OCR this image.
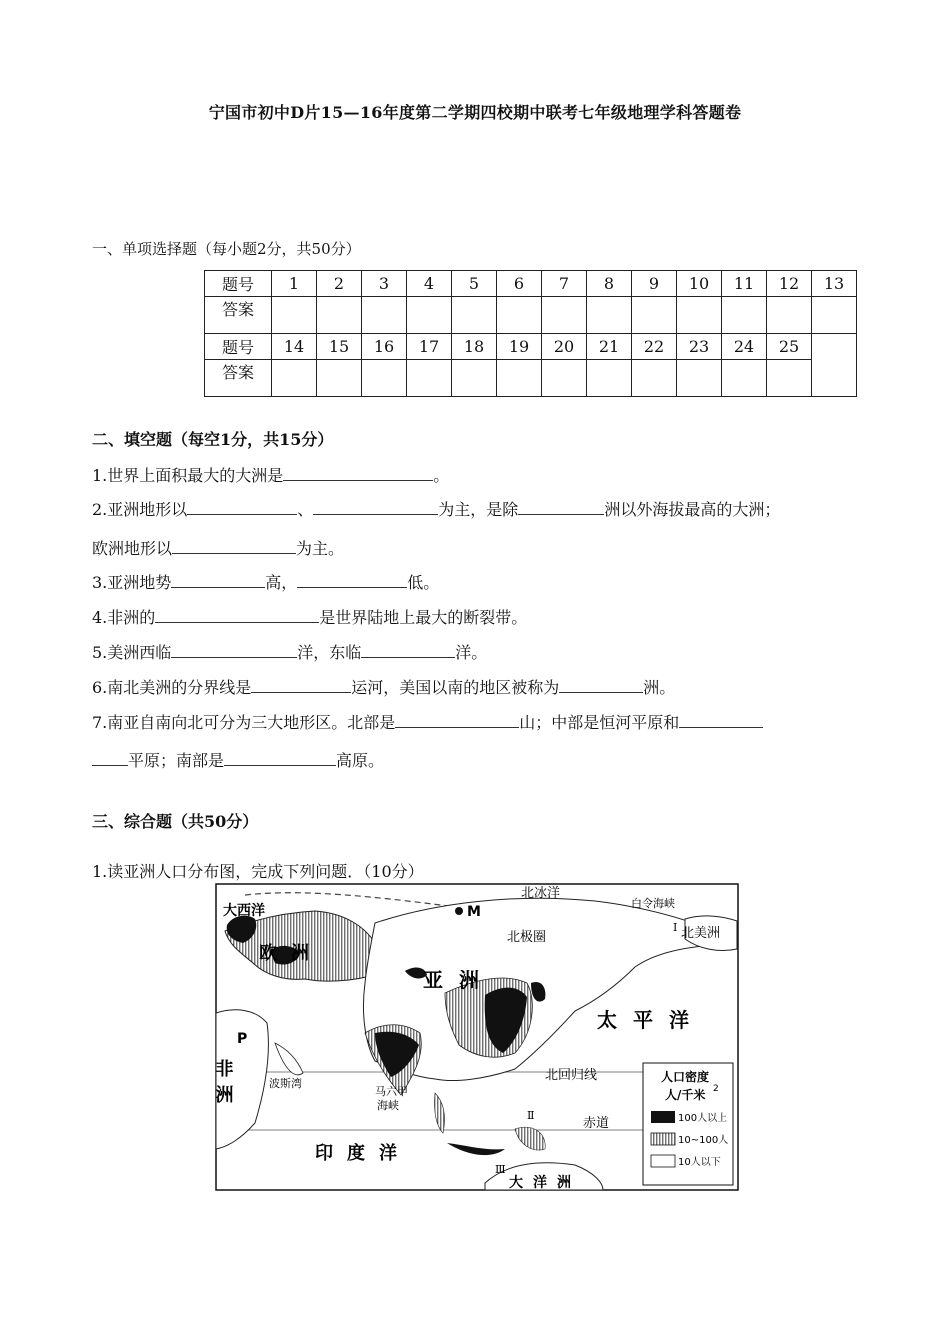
宁国市初中D片15—16年度第二学期四校期中联考七年级地理学科答题卷
一、单项选择题（每小题2分，共50分）
题号	1	2	3	4	5	6	7	8	9	10	11	12	13
答案													
题号	14	15	16	17	18	19	20	21	22	23	24	25	
答案													
二、填空题（每空1分，共15分）
1.世界上面积最大的大洲是	。
2.亚洲地形以	、	为主，是除	洲以外海拔最高的大洲；
欧洲地形以	为主。
3.亚洲地势	高，	低。
4.非洲的	是世界陆地上最大的断裂带。
5.美洲西临	洋，东临	洋。
6.南北美洲的分界线是	运河，美国以南的地区被称为	洲。
7.南亚自南向北可分为三大地形区。北部是	山；中部是恒河平原和
平原；南部是	高原。
三、综合题（共50分）
1.读亚洲人口分布图，完成下列问题．（10分）
大西洋
北冰洋
白令海峡
北极圈	北美洲
M
欧洲
亚洲
太平洋
P
非洲	波斯湾
北回归线
马六甲
海峡
赤道
印度洋
大洋洲
Ⅰ
Ⅱ
Ⅲ
人口密度
人/千米 2
100人以上
10~100人
10人以下
